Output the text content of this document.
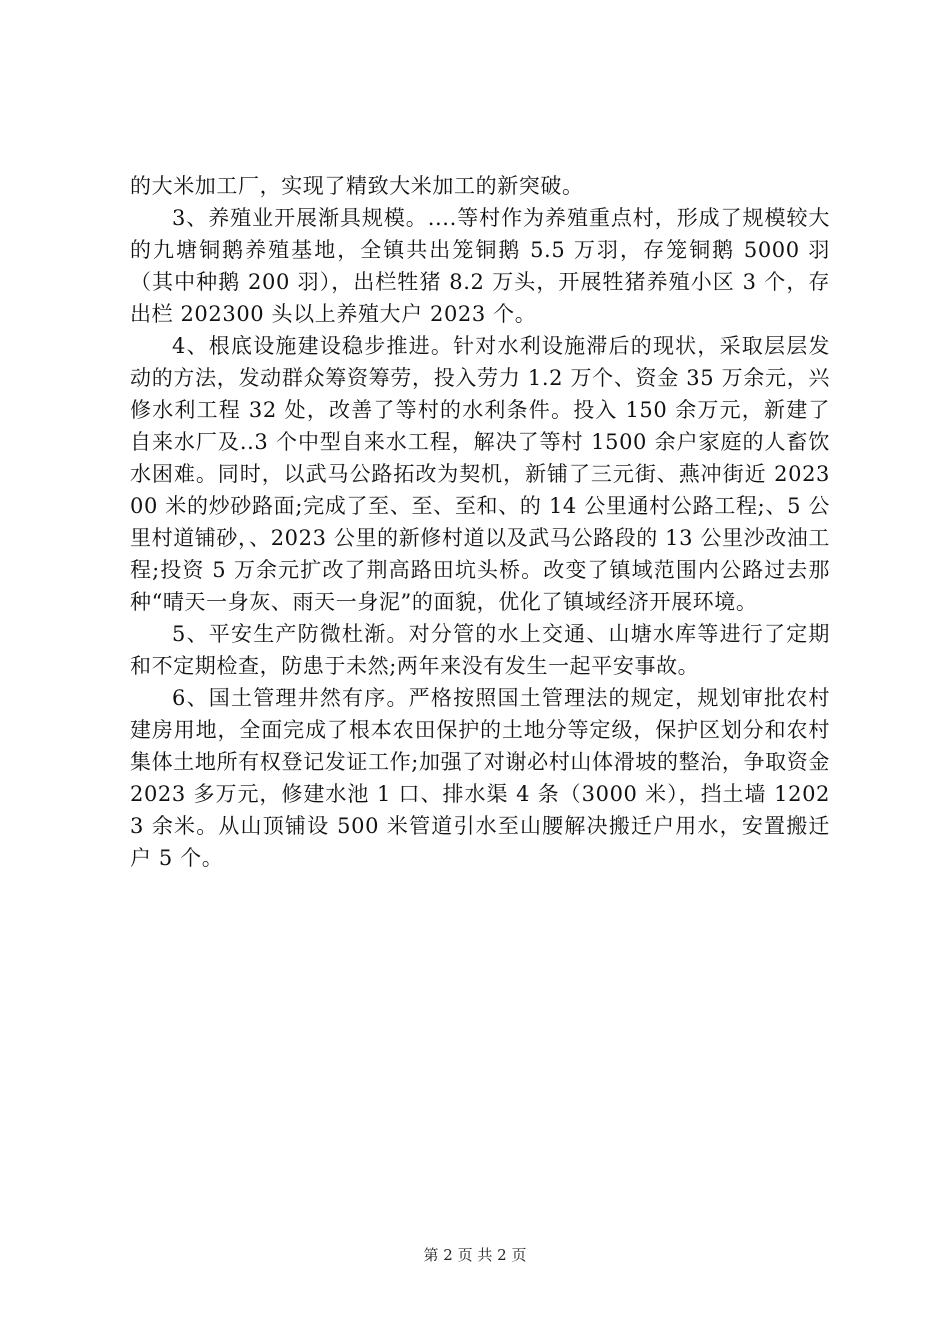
的大米加工厂，实现了精致大米加工的新突破。

3、养殖业开展渐具规模。....等村作为养殖重点村，形成了规模较大的九塘铜鹅养殖基地，全镇共出笼铜鹅 5.5 万羽，存笼铜鹅 5000 羽（其中种鹅 200 羽），出栏牲猪 8.2 万头，开展牲猪养殖小区 3 个，存出栏 202300 头以上养殖大户 2023 个。

4、根底设施建设稳步推进。针对水利设施滞后的现状，采取层层发动的方法，发动群众筹资筹劳，投入劳力 1.2 万个、资金 35 万余元，兴修水利工程 32 处，改善了等村的水利条件。投入 150 余万元，新建了自来水厂及..3 个中型自来水工程，解决了等村 1500 余户家庭的人畜饮水困难。同时，以武马公路拓改为契机，新铺了三元街、燕冲街近 202300 米的炒砂路面;完成了至、至、至和、的 14 公里通村公路工程;、5 公里村道铺砂，、2023 公里的新修村道以及武马公路段的 13 公里沙改油工程;投资 5 万余元扩改了荆高路田坑头桥。改变了镇域范围内公路过去那种“晴天一身灰、雨天一身泥”的面貌，优化了镇域经济开展环境。

5、平安生产防微杜渐。对分管的水上交通、山塘水库等进行了定期和不定期检查，防患于未然;两年来没有发生一起平安事故。

6、国土管理井然有序。严格按照国土管理法的规定，规划审批农村建房用地，全面完成了根本农田保护的土地分等定级，保护区划分和农村集体土地所有权登记发证工作;加强了对谢必村山体滑坡的整治，争取资金 2023 多万元，修建水池 1 口、排水渠 4 条（3000 米），挡土墙 12023 余米。从山顶铺设 500 米管道引水至山腰解决搬迁户用水，安置搬迁户 5 个。

第 2 页 共 2 页
